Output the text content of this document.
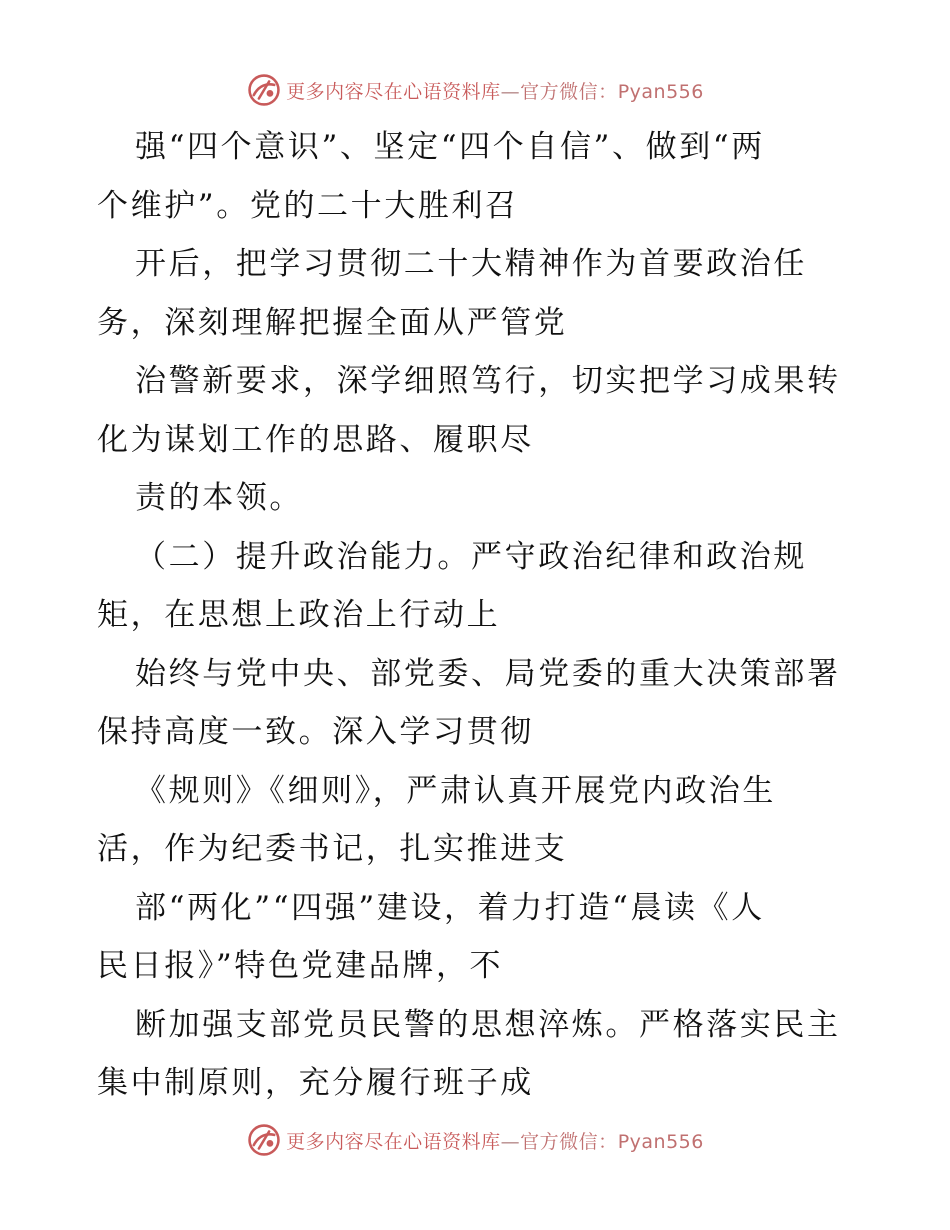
更多内容尽在心语资料库—官方微信：Pyan556
强“四个意识”、坚定“四个自信”、做到“两
个维护”。党的二十大胜利召
开后，把学习贯彻二十大精神作为首要政治任
务，深刻理解把握全面从严管党
治警新要求，深学细照笃行，切实把学习成果转
化为谋划工作的思路、履职尽
责的本领。
（二）提升政治能力。严守政治纪律和政治规
矩，在思想上政治上行动上
始终与党中央、部党委、局党委的重大决策部署
保持高度一致。深入学习贯彻
《规则》《细则》，严肃认真开展党内政治生
活，作为纪委书记，扎实推进支
部“两化”“四强”建设，着力打造“晨读《人
民日报》”特色党建品牌，不
断加强支部党员民警的思想淬炼。严格落实民主
集中制原则，充分履行班子成
更多内容尽在心语资料库—官方微信：Pyan556
